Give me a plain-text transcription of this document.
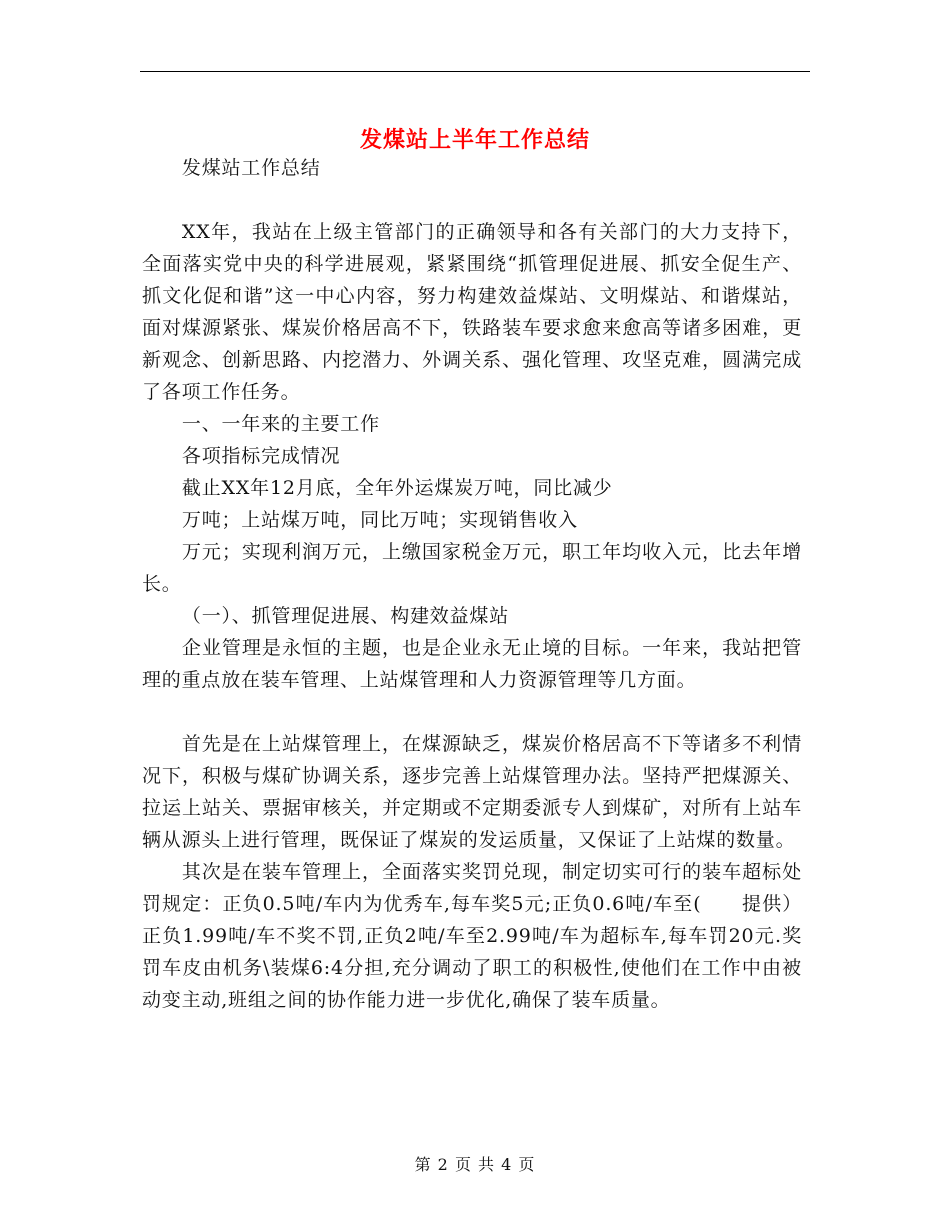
发煤站上半年工作总结

发煤站工作总结

XX年，我站在上级主管部门的正确领导和各有关部门的大力支持下，全面落实党中央的科学进展观，紧紧围绕“抓管理促进展、抓安全促生产、抓文化促和谐”这一中心内容，努力构建效益煤站、文明煤站、和谐煤站，面对煤源紧张、煤炭价格居高不下，铁路装车要求愈来愈高等诸多困难，更新观念、创新思路、内挖潜力、外调关系、强化管理、攻坚克难，圆满完成了各项工作任务。

一、一年来的主要工作

各项指标完成情况

截止XX年12月底，全年外运煤炭万吨，同比减少

万吨；上站煤万吨，同比万吨；实现销售收入

万元；实现利润万元，上缴国家税金万元，职工年均收入元，比去年增长。

（一）、抓管理促进展、构建效益煤站

企业管理是永恒的主题，也是企业永无止境的目标。一年来，我站把管理的重点放在装车管理、上站煤管理和人力资源管理等几方面。

首先是在上站煤管理上，在煤源缺乏，煤炭价格居高不下等诸多不利情况下，积极与煤矿协调关系，逐步完善上站煤管理办法。坚持严把煤源关、拉运上站关、票据审核关，并定期或不定期委派专人到煤矿，对所有上站车辆从源头上进行管理，既保证了煤炭的发运质量，又保证了上站煤的数量。

其次是在装车管理上，全面落实奖罚兑现，制定切实可行的装车超标处罚规定：正负0.5吨/车内为优秀车,每车奖5元;正负0.6吨/车至(　　提供）正负1.99吨/车不奖不罚,正负2吨/车至2.99吨/车为超标车,每车罚20元.奖罚车皮由机务\装煤6:4分担,充分调动了职工的积极性,使他们在工作中由被动变主动,班组之间的协作能力进一步优化,确保了装车质量。

第 2 页 共 4 页
